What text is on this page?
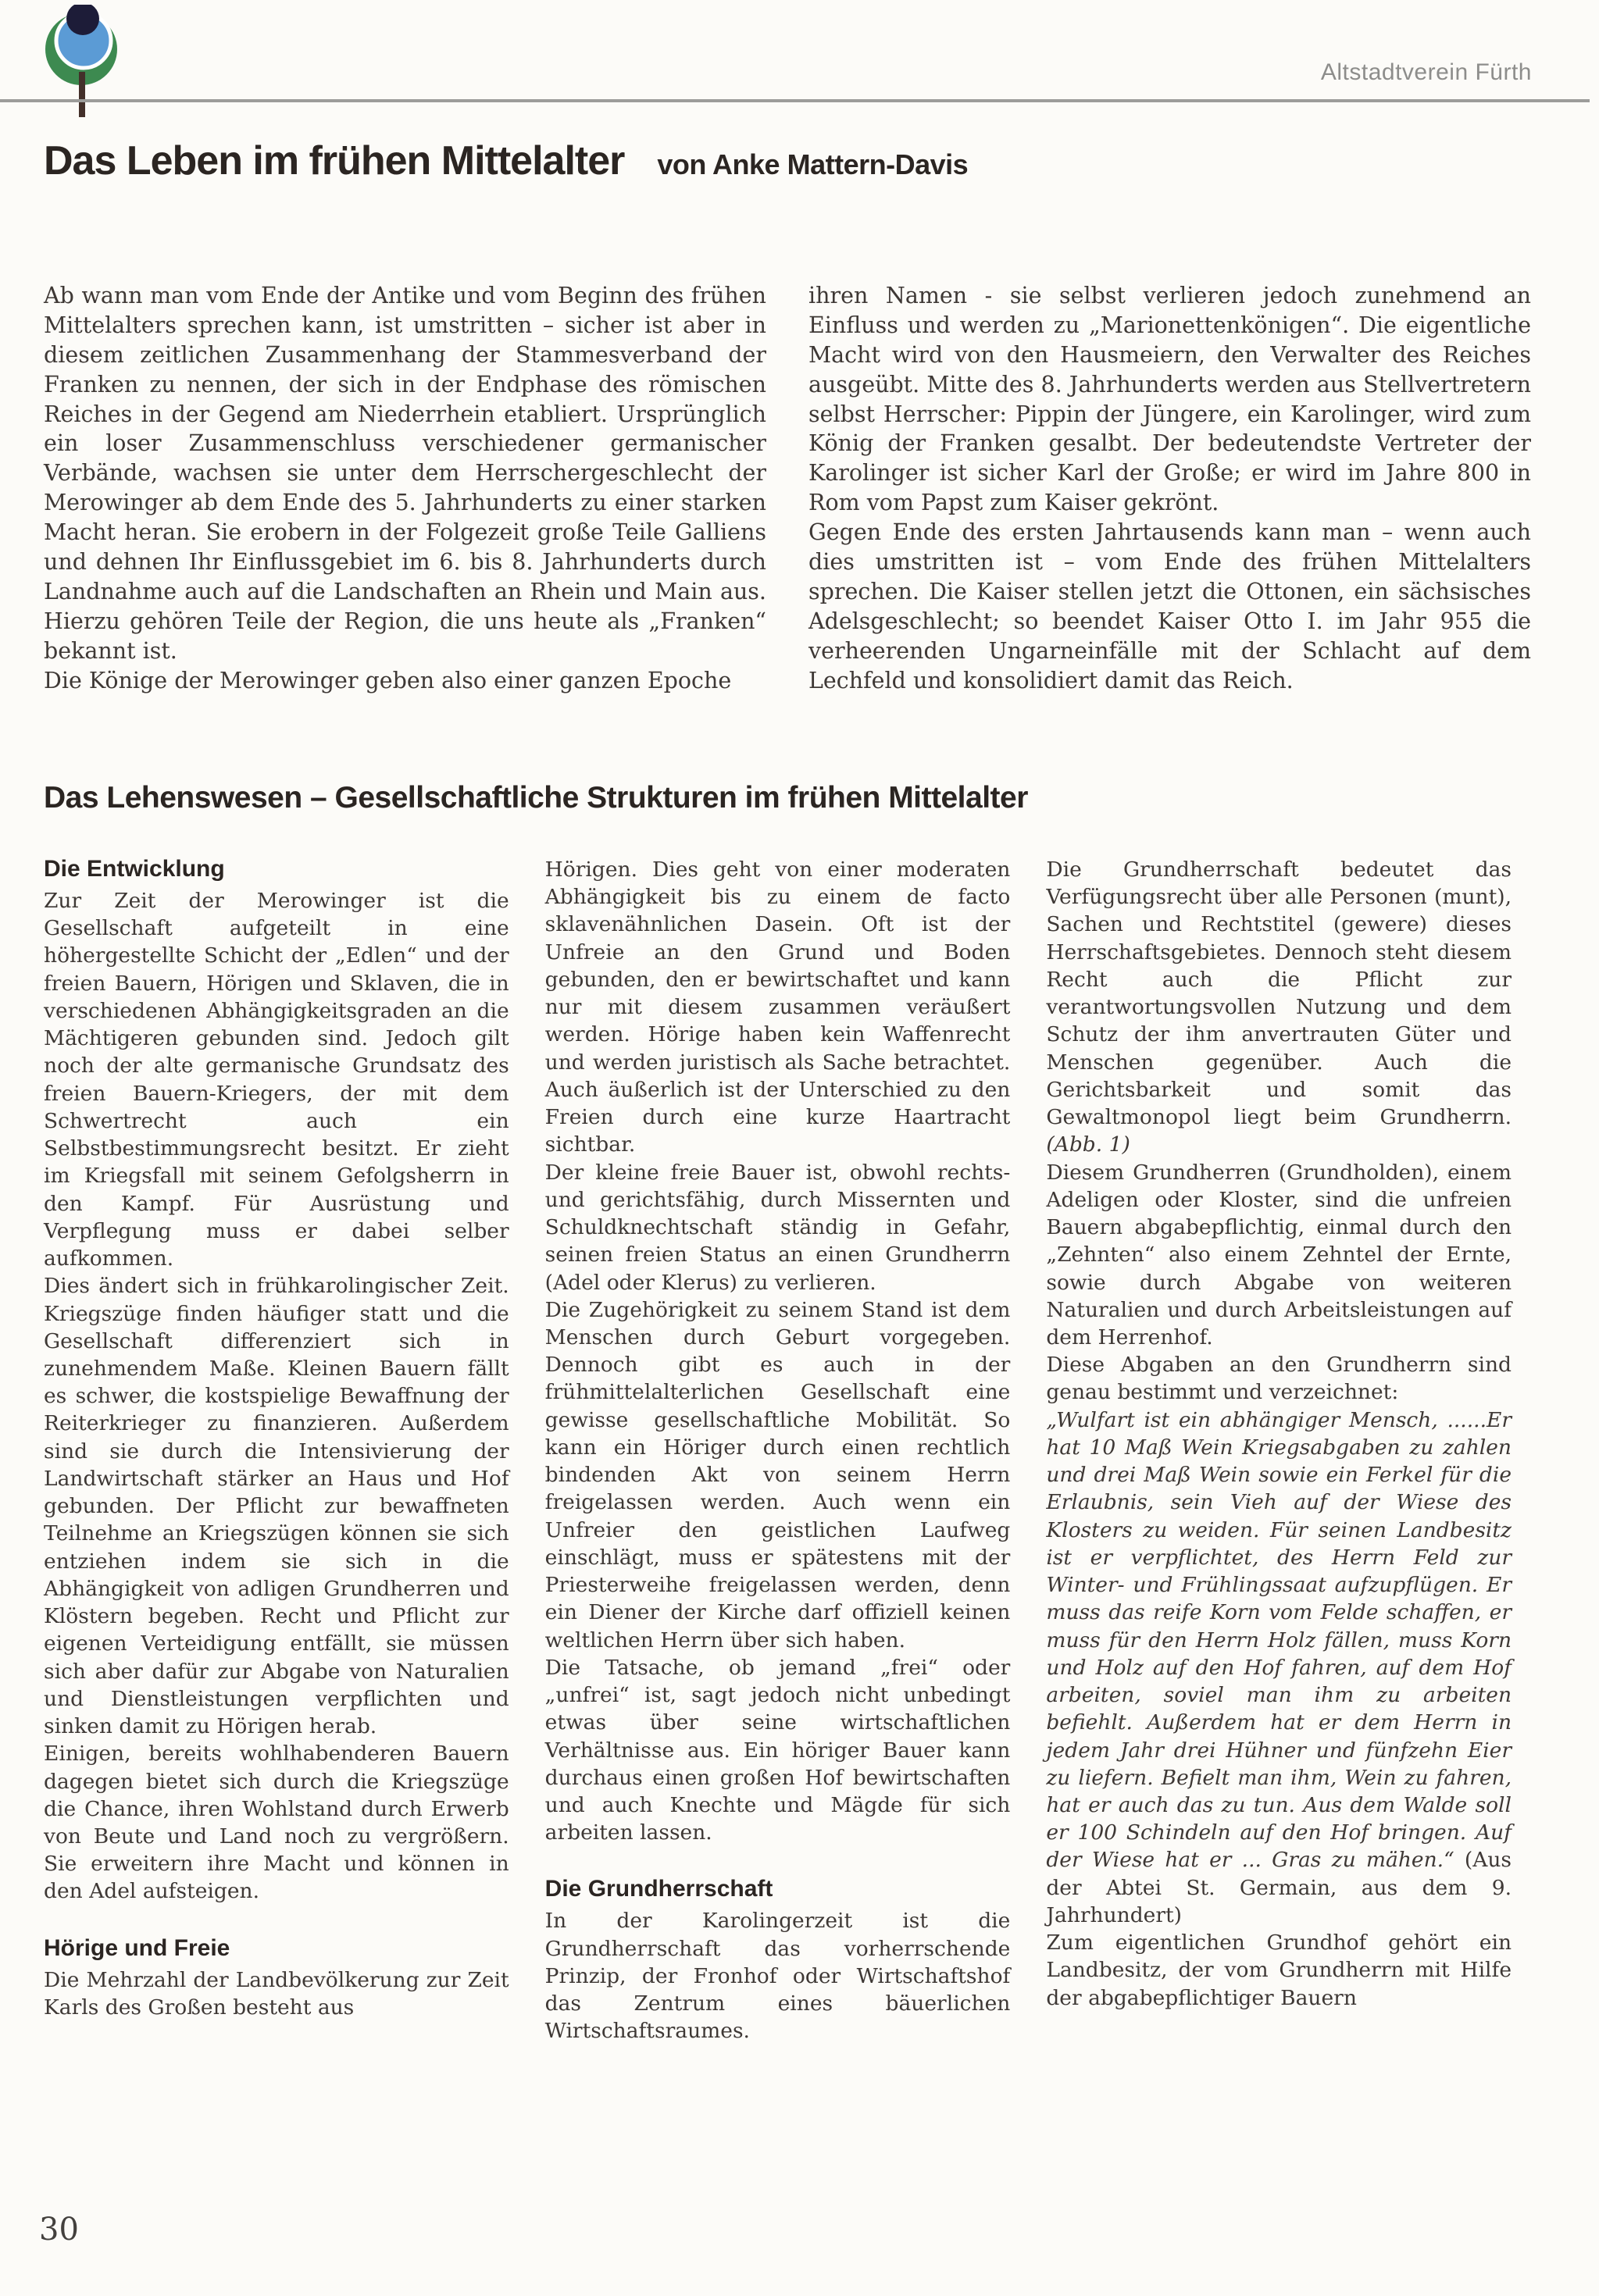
Altstadtverein Fürth
Das Leben im frühen Mittelalter von Anke Mattern-Davis

Ab wann man vom Ende der Antike und vom Beginn des frühen Mittelalters sprechen kann, ist umstritten – sicher ist aber in diesem zeitlichen Zusammenhang der Stammesverband der Franken zu nennen, der sich in der Endphase des römischen Reiches in der Gegend am Niederrhein etabliert. Ursprünglich ein loser Zusammenschluss verschiedener germanischer Verbände, wachsen sie unter dem Herrschergeschlecht der Merowinger ab dem Ende des 5. Jahrhunderts zu einer starken Macht heran. Sie erobern in der Folgezeit große Teile Galliens und dehnen Ihr Einflussgebiet im 6. bis 8. Jahrhunderts durch Landnahme auch auf die Landschaften an Rhein und Main aus. Hierzu gehören Teile der Region, die uns heute als „Franken“ bekannt ist.

Die Könige der Merowinger geben also einer ganzen Epoche

ihren Namen - sie selbst verlieren jedoch zunehmend an Einfluss und werden zu „Marionettenkönigen“. Die eigentliche Macht wird von den Hausmeiern, den Verwalter des Reiches ausgeübt. Mitte des 8. Jahrhunderts werden aus Stellvertretern selbst Herrscher: Pippin der Jüngere, ein Karolinger, wird zum König der Franken gesalbt. Der bedeutendste Vertreter der Karolinger ist sicher Karl der Große; er wird im Jahre 800 in Rom vom Papst zum Kaiser gekrönt.

Gegen Ende des ersten Jahrtausends kann man – wenn auch dies umstritten ist – vom Ende des frühen Mittelalters sprechen. Die Kaiser stellen jetzt die Ottonen, ein sächsisches Adelsgeschlecht; so beendet Kaiser Otto I. im Jahr 955 die verheerenden Ungarneinfälle mit der Schlacht auf dem Lechfeld und konsolidiert damit das Reich.

Das Lehenswesen – Gesellschaftliche Strukturen im frühen Mittelalter
Die Entwicklung

Zur Zeit der Merowinger ist die Gesellschaft aufgeteilt in eine höhergestellte Schicht der „Edlen“ und der freien Bauern, Hörigen und Sklaven, die in verschiedenen Abhängigkeitsgraden an die Mächtigeren gebunden sind. Jedoch gilt noch der alte germanische Grundsatz des freien Bauern-Kriegers, der mit dem Schwertrecht auch ein Selbstbestimmungsrecht besitzt. Er zieht im Kriegsfall mit seinem Gefolgsherrn in den Kampf. Für Ausrüstung und Verpflegung muss er dabei selber aufkommen.

Dies ändert sich in frühkarolingischer Zeit. Kriegszüge finden häufiger statt und die Gesellschaft differenziert sich in zunehmendem Maße. Kleinen Bauern fällt es schwer, die kostspielige Bewaffnung der Reiterkrieger zu finanzieren. Außerdem sind sie durch die Intensivierung der Landwirtschaft stärker an Haus und Hof gebunden. Der Pflicht zur bewaffneten Teilnehme an Kriegszügen können sie sich entziehen indem sie sich in die Abhängigkeit von adligen Grundherren und Klöstern begeben. Recht und Pflicht zur eigenen Verteidigung entfällt, sie müssen sich aber dafür zur Abgabe von Naturalien und Dienstleistungen verpflichten und sinken damit zu Hörigen herab.

Einigen, bereits wohlhabenderen Bauern dagegen bietet sich durch die Kriegszüge die Chance, ihren Wohlstand durch Erwerb von Beute und Land noch zu vergrößern. Sie erweitern ihre Macht und können in den Adel aufsteigen.

Hörige und Freie

Die Mehrzahl der Landbevölkerung zur Zeit Karls des Großen besteht aus

Hörigen. Dies geht von einer moderaten Abhängigkeit bis zu einem de facto sklavenähnlichen Dasein. Oft ist der Unfreie an den Grund und Boden gebunden, den er bewirtschaftet und kann nur mit diesem zusammen veräußert werden. Hörige haben kein Waffenrecht und werden juristisch als Sache betrachtet. Auch äußerlich ist der Unterschied zu den Freien durch eine kurze Haartracht sichtbar.

Der kleine freie Bauer ist, obwohl rechts- und gerichtsfähig, durch Missernten und Schuldknechtschaft ständig in Gefahr, seinen freien Status an einen Grundherrn (Adel oder Klerus) zu verlieren.

Die Zugehörigkeit zu seinem Stand ist dem Menschen durch Geburt vorgegeben. Dennoch gibt es auch in der frühmittelalterlichen Gesellschaft eine gewisse gesellschaftliche Mobilität. So kann ein Höriger durch einen rechtlich bindenden Akt von seinem Herrn freigelassen werden. Auch wenn ein Unfreier den geistlichen Laufweg einschlägt, muss er spätestens mit der Priesterweihe freigelassen werden, denn ein Diener der Kirche darf offiziell keinen weltlichen Herrn über sich haben.

Die Tatsache, ob jemand „frei“ oder „unfrei“ ist, sagt jedoch nicht unbedingt etwas über seine wirtschaftlichen Verhältnisse aus. Ein höriger Bauer kann durchaus einen großen Hof bewirtschaften und auch Knechte und Mägde für sich arbeiten lassen.

Die Grundherrschaft

In der Karolingerzeit ist die Grundherrschaft das vorherrschende Prinzip, der Fronhof oder Wirtschaftshof das Zentrum eines bäuerlichen Wirtschaftsraumes.

Die Grundherrschaft bedeutet das Verfügungsrecht über alle Personen (munt), Sachen und Rechtstitel (gewere) dieses Herrschaftsgebietes. Dennoch steht diesem Recht auch die Pflicht zur verantwortungsvollen Nutzung und dem Schutz der ihm anvertrauten Güter und Menschen gegenüber. Auch die Gerichtsbarkeit und somit das Gewaltmonopol liegt beim Grundherrn. (Abb. 1)

Diesem Grundherren (Grundholden), einem Adeligen oder Kloster, sind die unfreien Bauern abgabepflichtig, einmal durch den „Zehnten“ also einem Zehntel der Ernte, sowie durch Abgabe von weiteren Naturalien und durch Arbeitsleistungen auf dem Herrenhof.

Diese Abgaben an den Grundherrn sind genau bestimmt und verzeichnet:

„Wulfart ist ein abhängiger Mensch, ......Er hat 10 Maß Wein Kriegsabgaben zu zahlen und drei Maß Wein sowie ein Ferkel für die Erlaubnis, sein Vieh auf der Wiese des Klosters zu weiden. Für seinen Landbesitz ist er verpflichtet, des Herrn Feld zur Winter- und Frühlingssaat aufzupflügen. Er muss das reife Korn vom Felde schaffen, er muss für den Herrn Holz fällen, muss Korn und Holz auf den Hof fahren, auf dem Hof arbeiten, soviel man ihm zu arbeiten befiehlt. Außerdem hat er dem Herrn in jedem Jahr drei Hühner und fünfzehn Eier zu liefern. Befielt man ihm, Wein zu fahren, hat er auch das zu tun. Aus dem Walde soll er 100 Schindeln auf den Hof bringen. Auf der Wiese hat er ... Gras zu mähen.“ (Aus der Abtei St. Germain, aus dem 9. Jahrhundert)

Zum eigentlichen Grundhof gehört ein Landbesitz, der vom Grundherrn mit Hilfe der abgabepflichtiger Bauern

30
